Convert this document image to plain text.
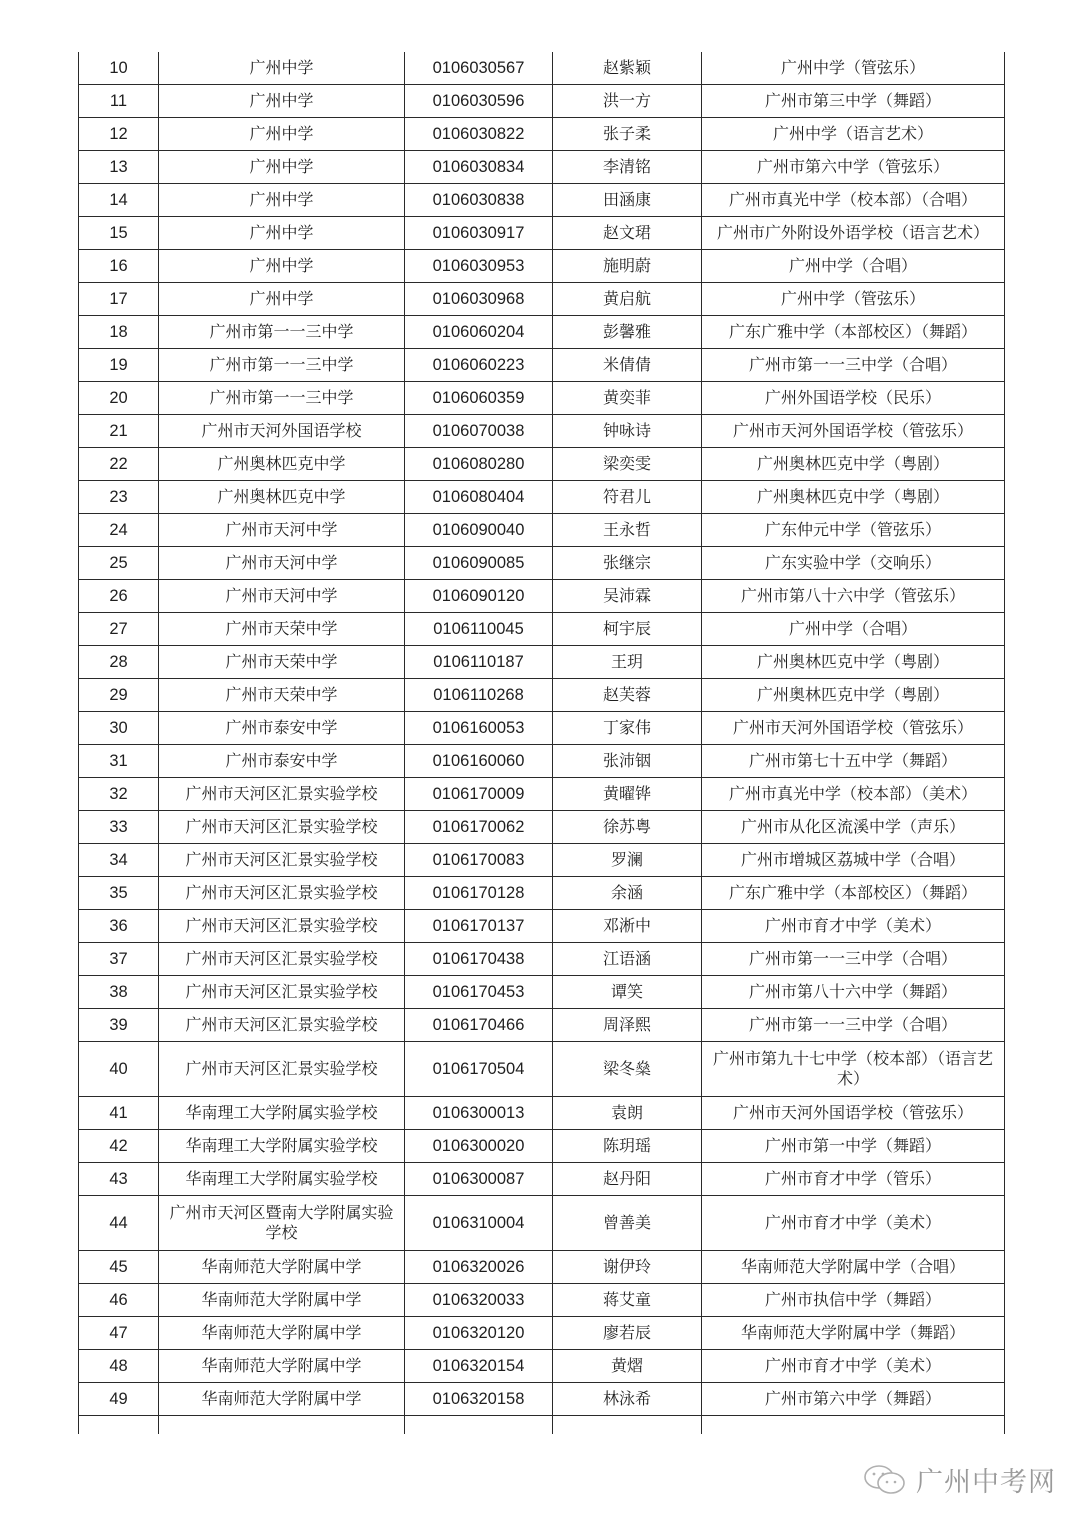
10	广州中学	0106030567	赵紫颖	广州中学（管弦乐）
11	广州中学	0106030596	洪一方	广州市第三中学（舞蹈）
12	广州中学	0106030822	张子柔	广州中学（语言艺术）
13	广州中学	0106030834	李清铭	广州市第六中学（管弦乐）
14	广州中学	0106030838	田涵康	广州市真光中学（校本部）（合唱）
15	广州中学	0106030917	赵文珺	广州市广外附设外语学校（语言艺术）
16	广州中学	0106030953	施明蔚	广州中学（合唱）
17	广州中学	0106030968	黄启航	广州中学（管弦乐）
18	广州市第一一三中学	0106060204	彭馨雅	广东广雅中学（本部校区）（舞蹈）
19	广州市第一一三中学	0106060223	米倩倩	广州市第一一三中学（合唱）
20	广州市第一一三中学	0106060359	黄奕菲	广州外国语学校（民乐）
21	广州市天河外国语学校	0106070038	钟咏诗	广州市天河外国语学校（管弦乐）
22	广州奥林匹克中学	0106080280	梁奕雯	广州奥林匹克中学（粤剧）
23	广州奥林匹克中学	0106080404	符君儿	广州奥林匹克中学（粤剧）
24	广州市天河中学	0106090040	王永哲	广东仲元中学（管弦乐）
25	广州市天河中学	0106090085	张继宗	广东实验中学（交响乐）
26	广州市天河中学	0106090120	吴沛霖	广州市第八十六中学（管弦乐）
27	广州市天荣中学	0106110045	柯宇辰	广州中学（合唱）
28	广州市天荣中学	0106110187	王玥	广州奥林匹克中学（粤剧）
29	广州市天荣中学	0106110268	赵芙蓉	广州奥林匹克中学（粤剧）
30	广州市泰安中学	0106160053	丁家伟	广州市天河外国语学校（管弦乐）
31	广州市泰安中学	0106160060	张沛铟	广州市第七十五中学（舞蹈）
32	广州市天河区汇景实验学校	0106170009	黄曜铧	广州市真光中学（校本部）（美术）
33	广州市天河区汇景实验学校	0106170062	徐苏粤	广州市从化区流溪中学（声乐）
34	广州市天河区汇景实验学校	0106170083	罗澜	广州市增城区荔城中学（合唱）
35	广州市天河区汇景实验学校	0106170128	余涵	广东广雅中学（本部校区）（舞蹈）
36	广州市天河区汇景实验学校	0106170137	邓淅中	广州市育才中学（美术）
37	广州市天河区汇景实验学校	0106170438	江语涵	广州市第一一三中学（合唱）
38	广州市天河区汇景实验学校	0106170453	谭笑	广州市第八十六中学（舞蹈）
39	广州市天河区汇景实验学校	0106170466	周泽熙	广州市第一一三中学（合唱）
40	广州市天河区汇景实验学校	0106170504	梁冬燊	广州市第九十七中学（校本部）（语言艺术）
41	华南理工大学附属实验学校	0106300013	袁朗	广州市天河外国语学校（管弦乐）
42	华南理工大学附属实验学校	0106300020	陈玥瑶	广州市第一中学（舞蹈）
43	华南理工大学附属实验学校	0106300087	赵丹阳	广州市育才中学（管乐）
44	广州市天河区暨南大学附属实验学校	0106310004	曾善美	广州市育才中学（美术）
45	华南师范大学附属中学	0106320026	谢伊玲	华南师范大学附属中学（合唱）
46	华南师范大学附属中学	0106320033	蒋艾童	广州市执信中学（舞蹈）
47	华南师范大学附属中学	0106320120	廖若辰	华南师范大学附属中学（舞蹈）
48	华南师范大学附属中学	0106320154	黄熠	广州市育才中学（美术）
49	华南师范大学附属中学	0106320158	林泳希	广州市第六中学（舞蹈）

广州中考网
